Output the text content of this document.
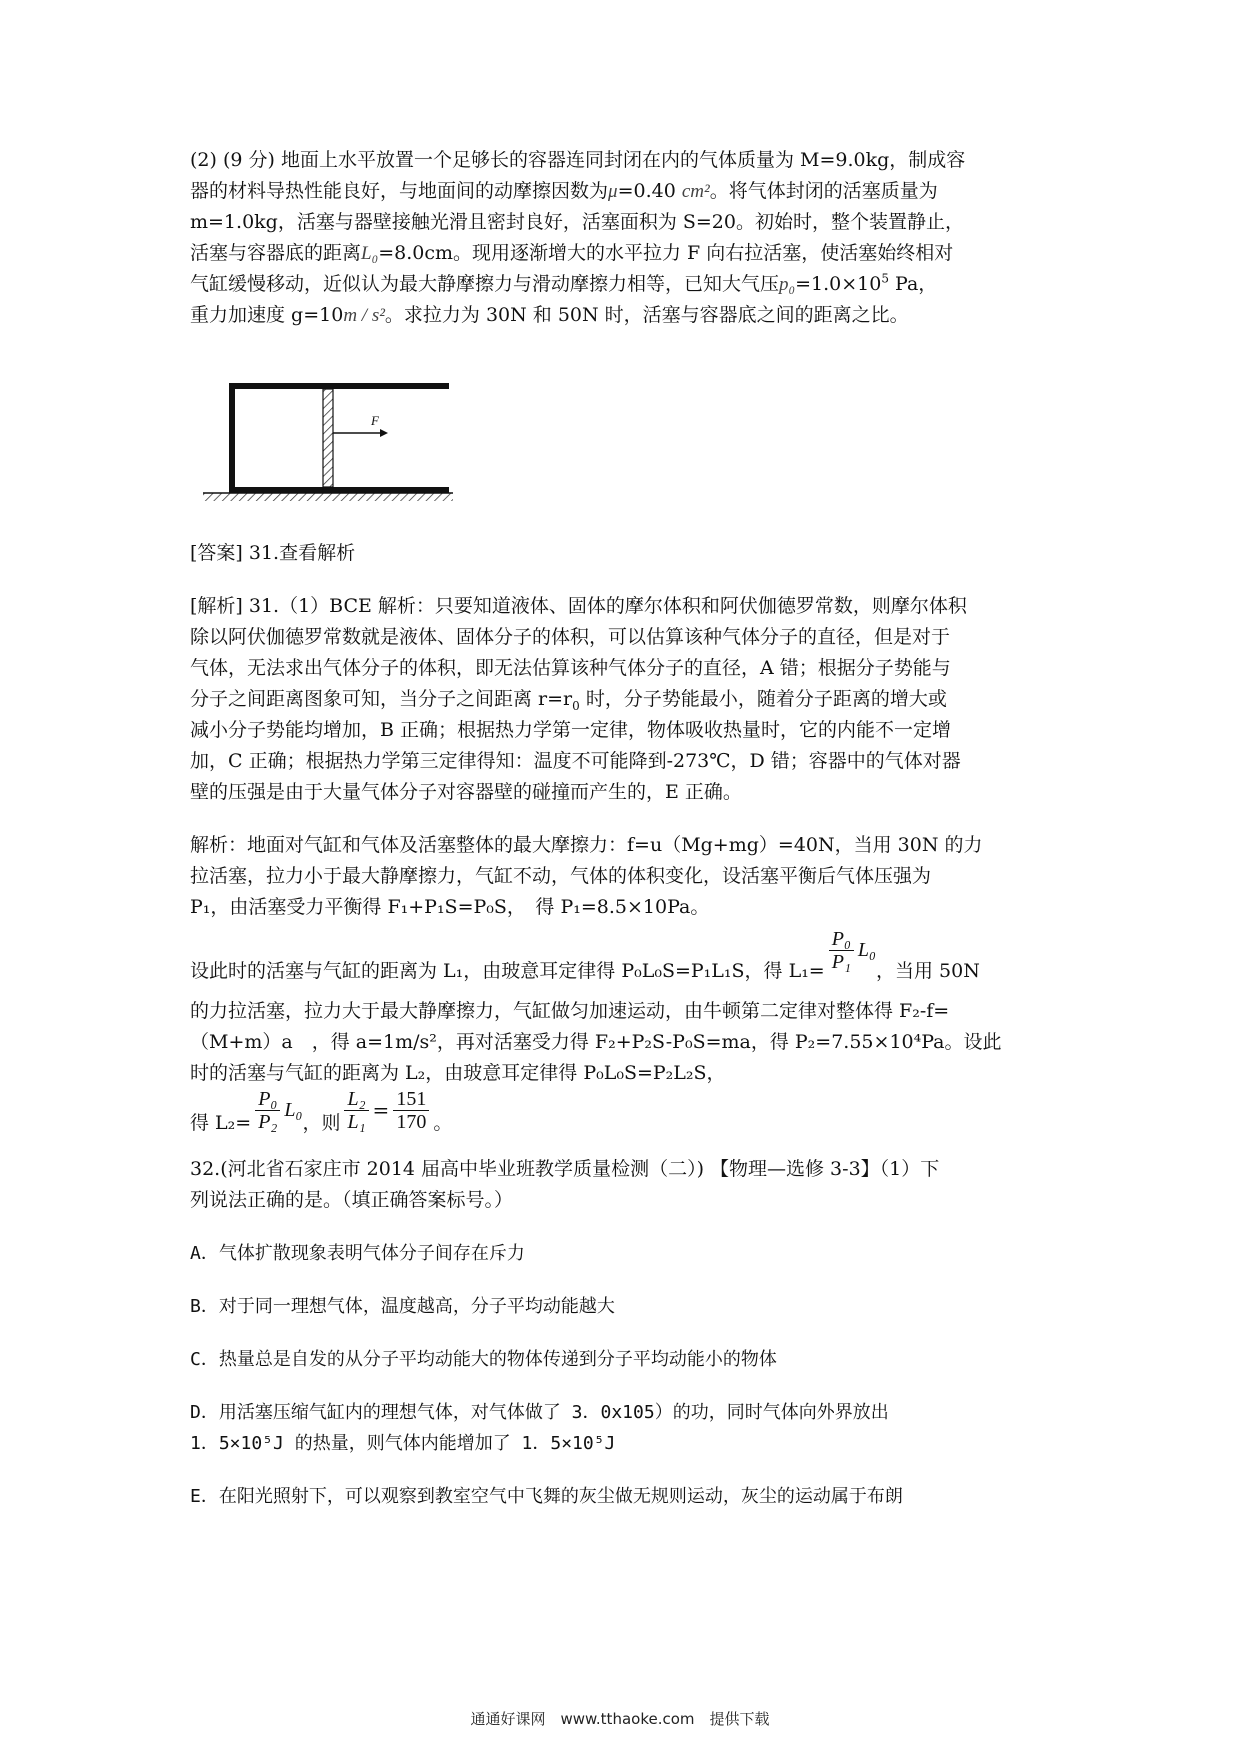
(2) (9 分) 地面上水平放置一个足够长的容器连同封闭在内的气体质量为 M=9.0kg，制成容

器的材料导热性能良好，与地面间的动摩擦因数为μ=0.40 cm²。将气体封闭的活塞质量为

m=1.0kg，活塞与器壁接触光滑且密封良好，活塞面积为 S=20。初始时，整个装置静止，

活塞与容器底的距离L₀=8.0cm。现用逐渐增大的水平拉力 F 向右拉活塞，使活塞始终相对

气缸缓慢移动，近似认为最大静摩擦力与滑动摩擦力相等，已知大气压$p_0=1.0\times 10^5$ Pa，

重力加速度 g=10m / s²。求拉力为 30N 和 50N 时，活塞与容器底之间的距离之比。

F

[答案] 31.查看解析

[解析] 31.（1）BCE 解析：只要知道液体、固体的摩尔体积和阿伏伽德罗常数，则摩尔体积

除以阿伏伽德罗常数就是液体、固体分子的体积，可以估算该种气体分子的直径，但是对于

气体，无法求出气体分子的体积，即无法估算该种气体分子的直径，A 错；根据分子势能与

分子之间距离图象可知，当分子之间距离 $r=r_0$ 时，分子势能最小，随着分子距离的增大或

减小分子势能均增加，B 正确；根据热力学第一定律，物体吸收热量时，它的内能不一定增

加，C 正确；根据热力学第三定律得知：温度不可能降到-273℃，D 错；容器中的气体对器

壁的压强是由于大量气体分子对容器壁的碰撞而产生的，E 正确。

解析：地面对气缸和气体及活塞整体的最大摩擦力：f=u（Mg+mg）=40N，当用 30N 的力

拉活塞，拉力小于最大静摩擦力，气缸不动，气体的体积变化，设活塞平衡后气体压强为

P₁，由活塞受力平衡得 F₁+P₁S=P₀S，　得 P₁=8.5×10Pa。

设此时的活塞与气缸的距离为 L₁，由玻意耳定律得 P₀L₀S=P₁L₁S，得 $L_1= \frac{\text{P₀}}{\text{P₁}} L_0$
，当用 50N

的力拉活塞，拉力大于最大静摩擦力，气缸做匀加速运动，由牛顿第二定律对整体得 F₂-f=

（M+m）a　，得 a=1m/s²，再对活塞受力得 F₂+P₂S-P₀S=ma，得 P₂=7.55×10⁴Pa。设此

时的活塞与气缸的距离为 L₂，由玻意耳定律得 P₀L₀S=P₂L₂S，

得 $L_2= \frac{\text{P₀}}{\text{P₂}} L_0$
，则 $\frac{\text{L₂}}{\text{L₁}} = \frac{151}{170}$ 。

32.(河北省石家庄市 2014 届高中毕业班教学质量检测（二）) 【物理—选修 3-3】（1）下

列说法正确的是。（填正确答案标号。）

A．气体扩散现象表明气体分子间存在斥力

B．对于同一理想气体，温度越高，分子平均动能越大

C．热量总是自发的从分子平均动能大的物体传递到分子平均动能小的物体

D．用活塞压缩气缸内的理想气体，对气体做了 3．0x105）的功，同时气体向外界放出

1．5×10⁵J 的热量，则气体内能增加了 1．5×10⁵J

E．在阳光照射下，可以观察到教室空气中飞舞的灰尘做无规则运动，灰尘的运动属于布朗

通通好课网　www.tthaoke.com　提供下载
